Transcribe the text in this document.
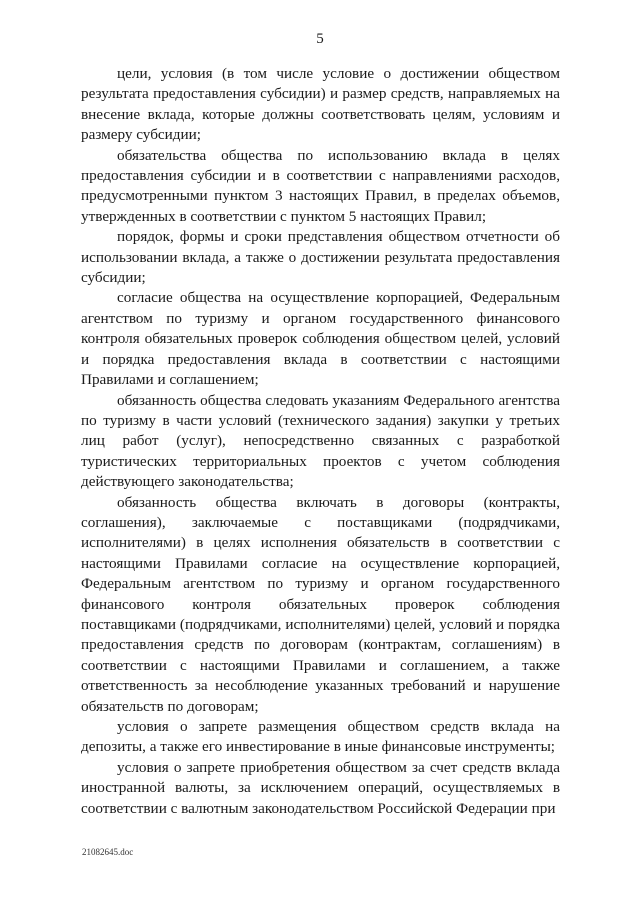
5

цели, условия (в том числе условие о достижении обществом результата предоставления субсидии) и размер средств, направляемых на внесение вклада, которые должны соответствовать целям, условиям и размеру субсидии;

обязательства общества по использованию вклада в целях предоставления субсидии и в соответствии с направлениями расходов, предусмотренными пунктом 3 настоящих Правил, в пределах объемов, утвержденных в соответствии с пунктом 5 настоящих Правил;

порядок, формы и сроки представления обществом отчетности об использовании вклада, а также о достижении результата предоставления субсидии;

согласие общества на осуществление корпорацией, Федеральным агентством по туризму и органом государственного финансового контроля обязательных проверок соблюдения обществом целей, условий и порядка предоставления вклада в соответствии с настоящими Правилами и соглашением;

обязанность общества следовать указаниям Федерального агентства по туризму в части условий (технического задания) закупки у третьих лиц работ (услуг), непосредственно связанных с разработкой туристических территориальных проектов с учетом соблюдения действующего законодательства;

обязанность общества включать в договоры (контракты, соглашения), заключаемые с поставщиками (подрядчиками, исполнителями) в целях исполнения обязательств в соответствии с настоящими Правилами согласие на осуществление корпорацией, Федеральным агентством по туризму и органом государственного финансового контроля обязательных проверок соблюдения поставщиками (подрядчиками, исполнителями) целей, условий и порядка предоставления средств по договорам (контрактам, соглашениям) в соответствии с настоящими Правилами и соглашением, а также ответственность за несоблюдение указанных требований и нарушение обязательств по договорам;

условия о запрете размещения обществом средств вклада на депозиты, а также его инвестирование в иные финансовые инструменты;

условия о запрете приобретения обществом за счет средств вклада иностранной валюты, за исключением операций, осуществляемых в соответствии с валютным законодательством Российской Федерации при

21082645.doc
